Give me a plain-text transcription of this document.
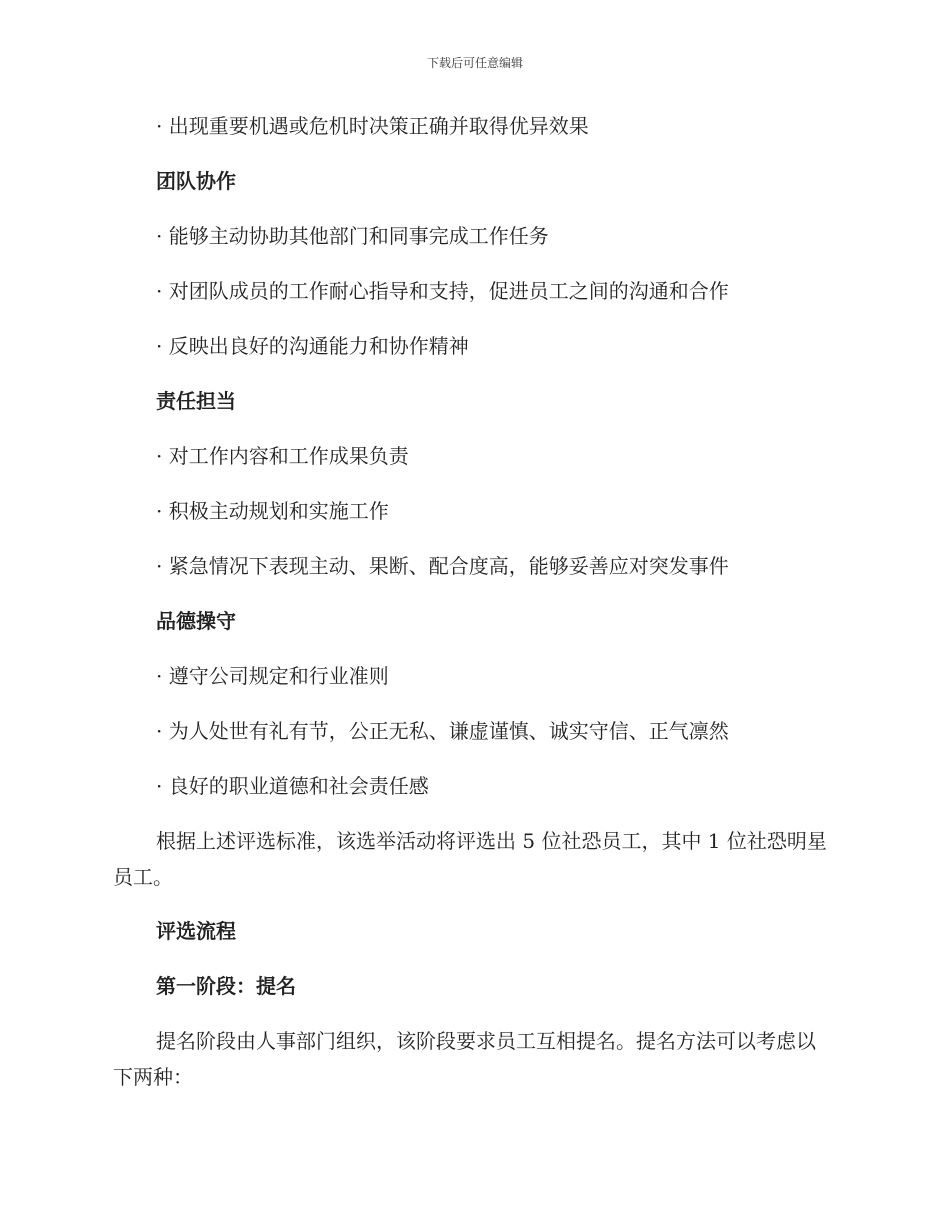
下载后可任意编辑
· 出现重要机遇或危机时决策正确并取得优异效果
团队协作
· 能够主动协助其他部门和同事完成工作任务
· 对团队成员的工作耐心指导和支持，促进员工之间的沟通和合作
· 反映出良好的沟通能力和协作精神
责任担当
· 对工作内容和工作成果负责
· 积极主动规划和实施工作
· 紧急情况下表现主动、果断、配合度高，能够妥善应对突发事件
品德操守
· 遵守公司规定和行业准则
· 为人处世有礼有节，公正无私、谦虚谨慎、诚实守信、正气凛然
· 良好的职业道德和社会责任感
根据上述评选标准，该选举活动将评选出 5 位社恐员工，其中 1 位社恐明星员工。
评选流程
第一阶段：提名
提名阶段由人事部门组织，该阶段要求员工互相提名。提名方法可以考虑以下两种：
